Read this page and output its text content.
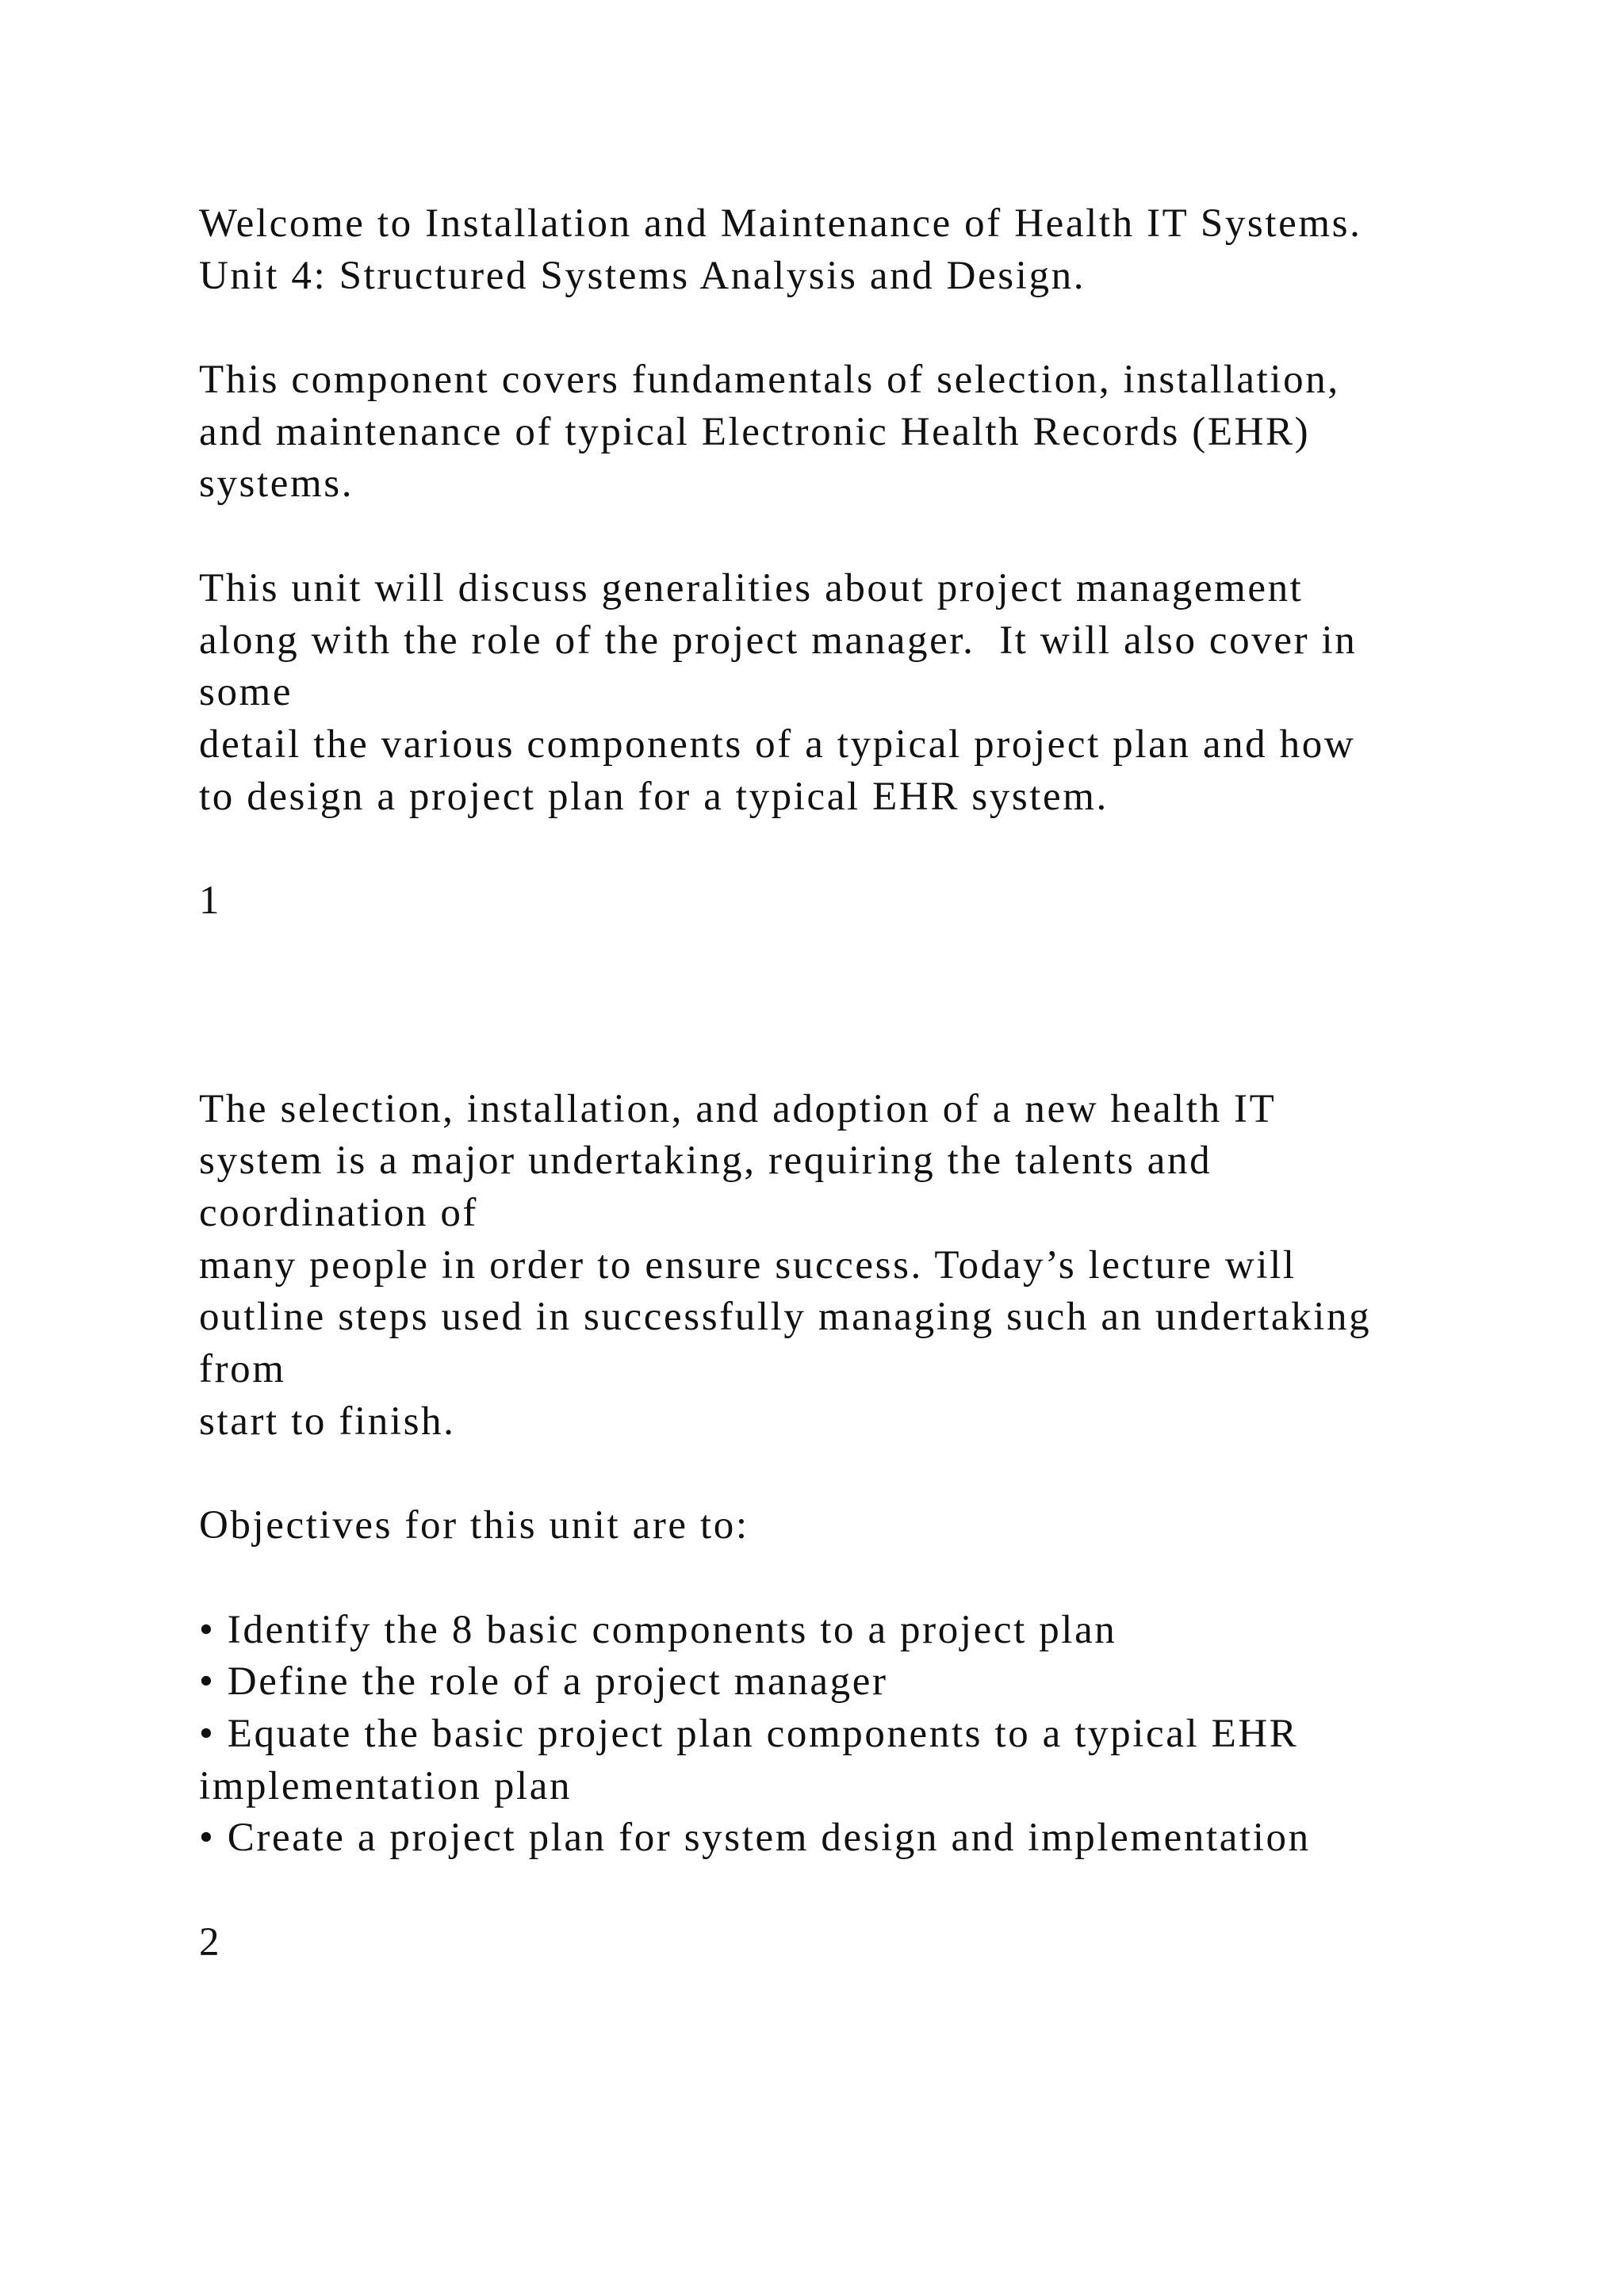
Welcome to Installation and Maintenance of Health IT Systems.
Unit 4: Structured Systems Analysis and Design.
This component covers fundamentals of selection, installation,
and maintenance of typical Electronic Health Records (EHR)
systems.
This unit will discuss generalities about project management
along with the role of the project manager.  It will also cover in
some
detail the various components of a typical project plan and how
to design a project plan for a typical EHR system.
1
The selection, installation, and adoption of a new health IT
system is a major undertaking, requiring the talents and
coordination of
many people in order to ensure success. Today’s lecture will
outline steps used in successfully managing such an undertaking
from
start to finish.
Objectives for this unit are to:
• Identify the 8 basic components to a project plan
• Define the role of a project manager
• Equate the basic project plan components to a typical EHR
implementation plan
• Create a project plan for system design and implementation
2
